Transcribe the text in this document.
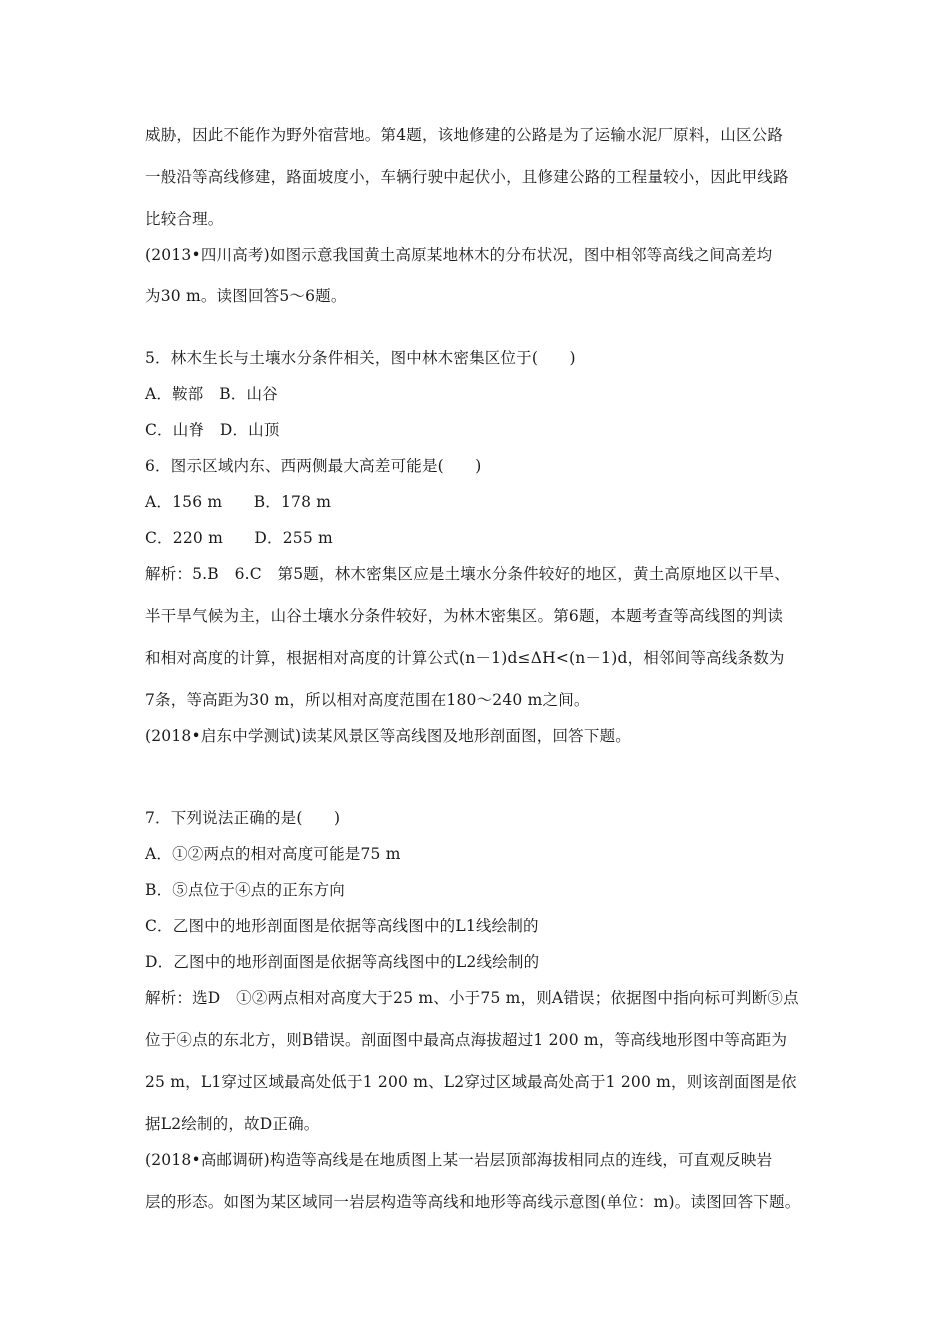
威胁，因此不能作为野外宿营地。第4题，该地修建的公路是为了运输水泥厂原料，山区公路
一般沿等高线修建，路面坡度小，车辆行驶中起伏小，且修建公路的工程量较小，因此甲线路
比较合理。
(2013•四川高考)如图示意我国黄土高原某地林木的分布状况，图中相邻等高线之间高差均
为30 m。读图回答5～6题。
5．林木生长与土壤水分条件相关，图中林木密集区位于(　　)
A．鞍部　B．山谷
C．山脊　D．山顶
6．图示区域内东、西两侧最大高差可能是(　　)
A．156 m　　B．178 m
C．220 m　　D．255 m
解析：5.B　6.C　第5题，林木密集区应是土壤水分条件较好的地区，黄土高原地区以干旱、
半干旱气候为主，山谷土壤水分条件较好，为林木密集区。第6题，本题考查等高线图的判读
和相对高度的计算，根据相对高度的计算公式(n－1)d≤ΔH<(n－1)d，相邻间等高线条数为
7条，等高距为30 m，所以相对高度范围在180～240 m之间。
(2018•启东中学测试)读某风景区等高线图及地形剖面图，回答下题。
7．下列说法正确的是(　　)
A．①②两点的相对高度可能是75 m
B．⑤点位于④点的正东方向
C．乙图中的地形剖面图是依据等高线图中的L1线绘制的
D．乙图中的地形剖面图是依据等高线图中的L2线绘制的
解析：选D　①②两点相对高度大于25 m、小于75 m，则A错误；依据图中指向标可判断⑤点
位于④点的东北方，则B错误。剖面图中最高点海拔超过1 200 m，等高线地形图中等高距为
25 m，L1穿过区域最高处低于1 200 m、L2穿过区域最高处高于1 200 m，则该剖面图是依
据L2绘制的，故D正确。
(2018•高邮调研)构造等高线是在地质图上某一岩层顶部海拔相同点的连线，可直观反映岩
层的形态。如图为某区域同一岩层构造等高线和地形等高线示意图(单位：m)。读图回答下题。
